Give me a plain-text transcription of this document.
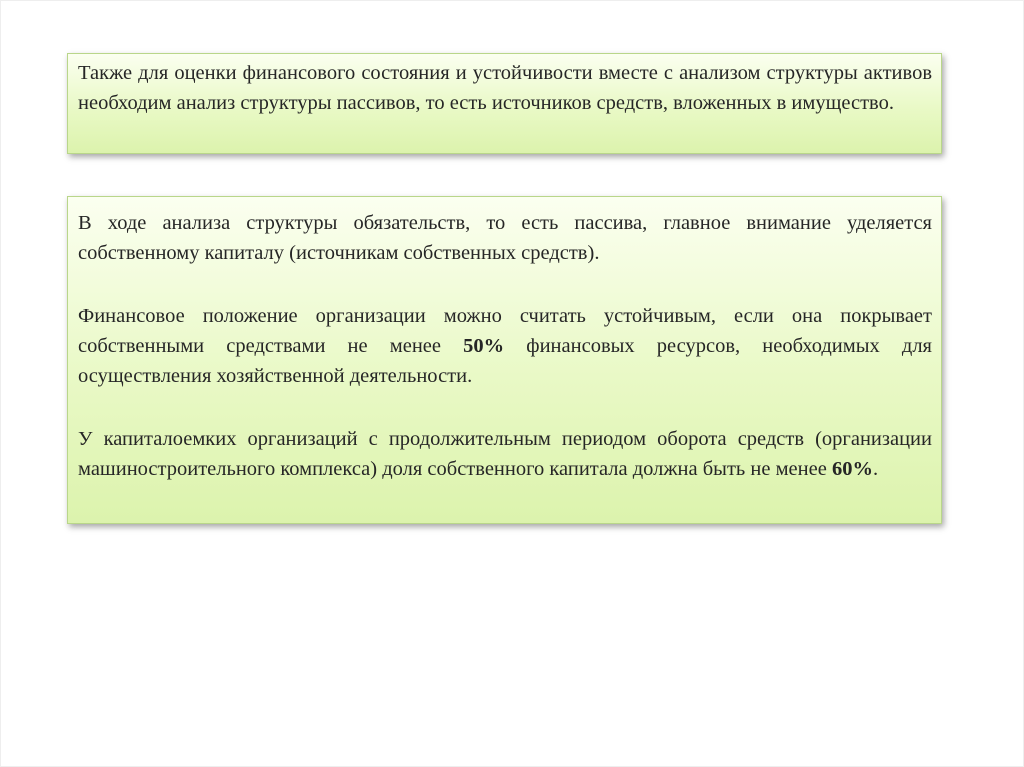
Также для оценки финансового состояния и устойчивости вместе с анализом структуры активов необходим анализ структуры пассивов, то есть источников средств, вложенных в имущество.

В ходе анализа структуры обязательств, то есть пассива, главное внимание уделяется собственному капиталу (источникам собственных средств).

Финансовое положение организации можно считать устойчивым, если она покрывает собственными средствами не менее 50% финансовых ресурсов, необходимых для осуществления хозяйственной деятельности.

У капиталоемких организаций с продолжительным периодом оборота средств (организации машиностроительного комплекса) доля собственного капитала должна быть не менее 60%.
